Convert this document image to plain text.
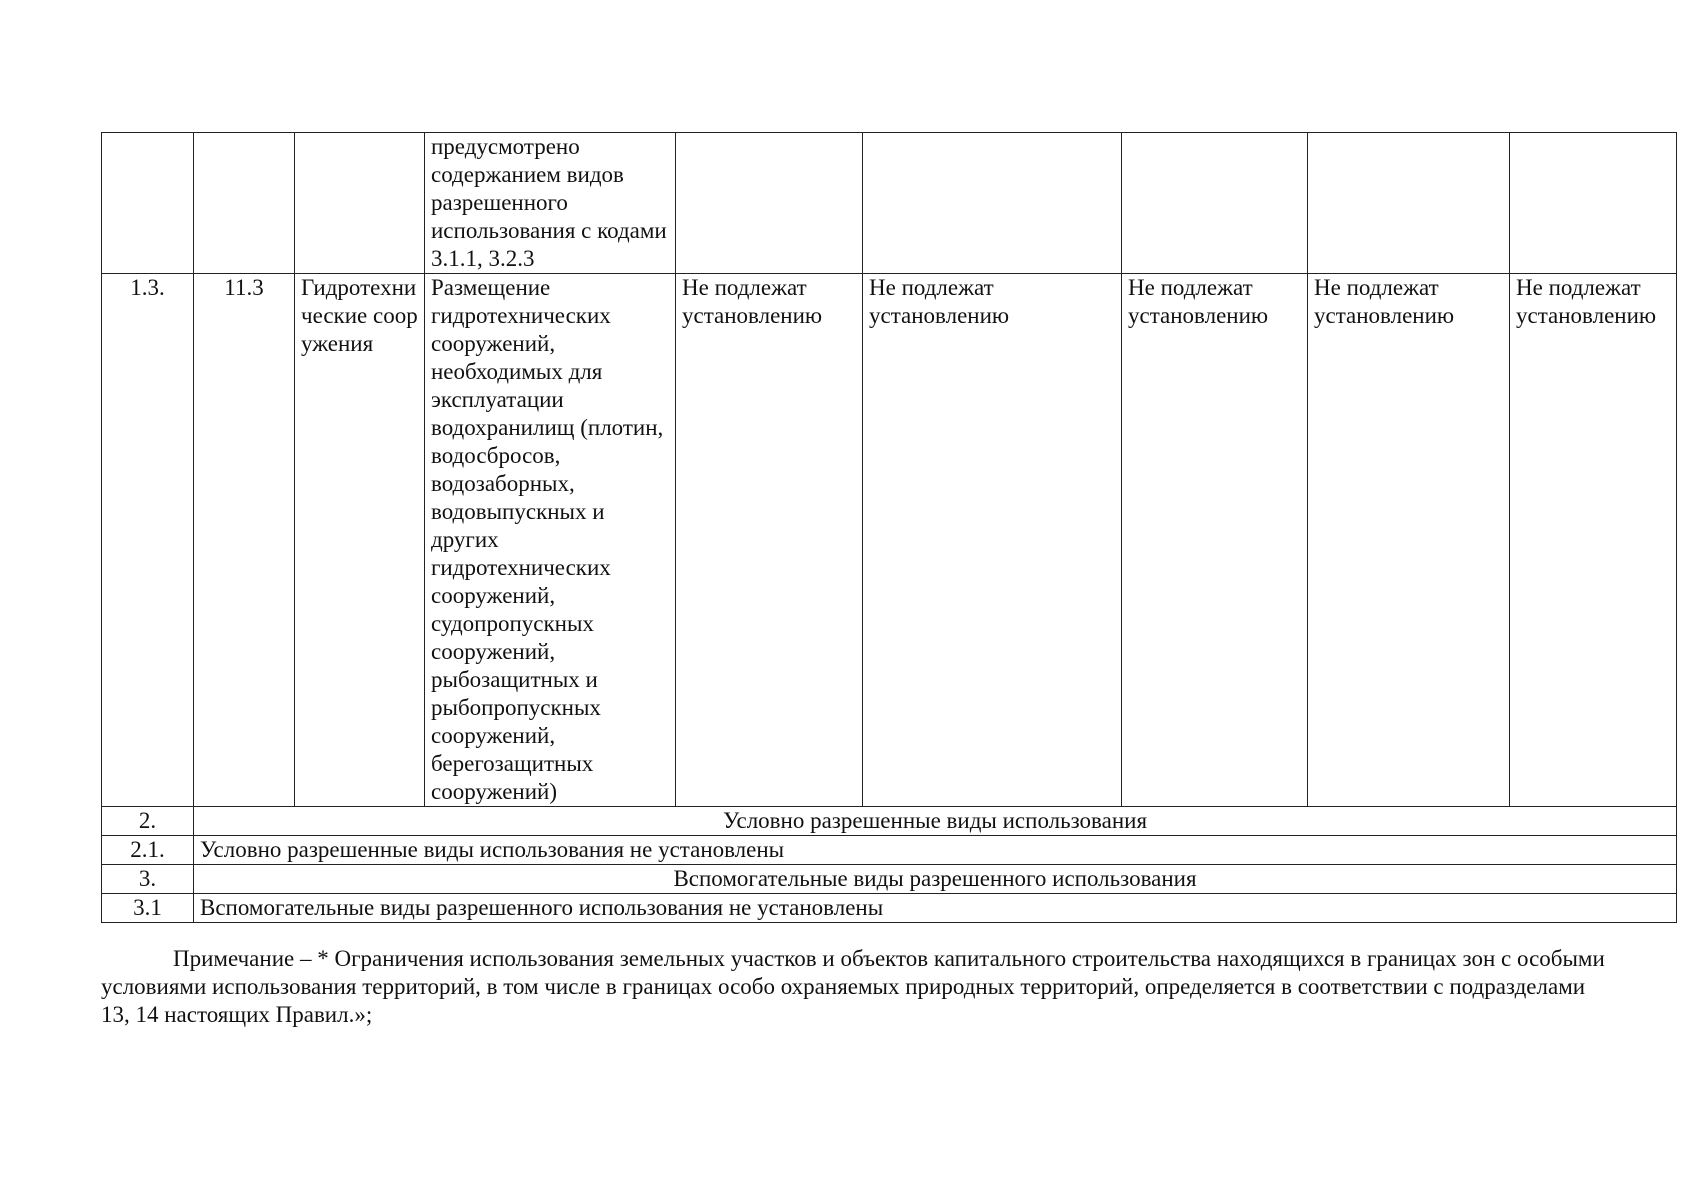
			предусмотрено содержанием видов разрешенного использования с кодами 3.1.1, 3.2.3					
1.3.	11.3	Гидротехнические сооружения	Размещение гидротехнических сооружений, необходимых для эксплуатации водохранилищ (плотин, водосбросов, водозаборных, водовыпускных и других гидротехнических сооружений, судопропускных сооружений, рыбозащитных и рыбопропускных сооружений, берегозащитных сооружений)	Не подлежат установлению	Не подлежат установлению	Не подлежат установлению	Не подлежат установлению	Не подлежат установлению
2.	Условно разрешенные виды использования							
2.1.	Условно разрешенные виды использования не установлены							
3.	Вспомогательные виды разрешенного использования							
3.1	Вспомогательные виды разрешенного использования не установлены							

Примечание – * Ограничения использования земельных участков и объектов капитального строительства находящихся в границах зон с особыми условиями использования территорий, в том числе в границах особо охраняемых природных территорий, определяется в соответствии с подразделами 13, 14 настоящих Правил.»;
